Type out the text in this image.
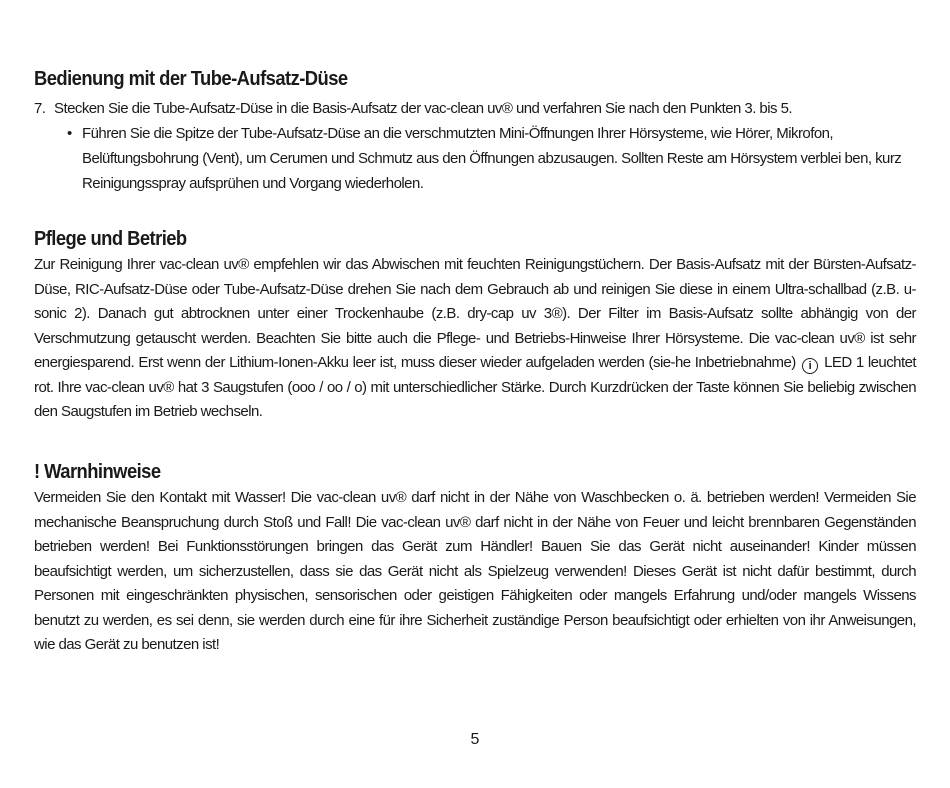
Bedienung mit der Tube-Aufsatz-Düse
7. Stecken Sie die Tube-Aufsatz-Düse in die Basis-Aufsatz der vac-clean uv® und verfahren Sie nach den Punkten 3. bis 5.
• Führen Sie die Spitze der Tube-Aufsatz-Düse an die verschmutzten Mini-Öffnungen Ihrer Hörsysteme, wie Hörer, Mikrofon, Belüftungsbohrung (Vent), um Cerumen und Schmutz aus den Öffnungen abzusaugen. Sollten Reste am Hörsystem verblei ben, kurz Reinigungsspray aufsprühen und Vorgang wiederholen.
Pflege und Betrieb
Zur Reinigung Ihrer vac-clean uv® empfehlen wir das Abwischen mit feuchten Reinigungstüchern. Der Basis-Aufsatz mit der Bürsten-Aufsatz-Düse, RIC-Aufsatz-Düse oder Tube-Aufsatz-Düse drehen Sie nach dem Gebrauch ab und reinigen Sie diese in einem Ultra-schallbad (z.B. u-sonic 2). Danach gut abtrocknen unter einer Trockenhaube (z.B. dry-cap uv 3®). Der Filter im Basis-Aufsatz sollte abhängig von der Verschmutzung getauscht werden. Beachten Sie bitte auch die Pflege- und Betriebs-Hinweise Ihrer Hörsysteme. Die vac-clean uv® ist sehr energiesparend. Erst wenn der Lithium-Ionen-Akku leer ist, muss dieser wieder aufgeladen werden (sie-he Inbetriebnahme) i LED 1 leuchtet rot. Ihre vac-clean uv® hat 3 Saugstufen (ooo / oo / o) mit unterschiedlicher Stärke. Durch Kurzdrücken der Taste können Sie beliebig zwischen den Saugstufen im Betrieb wechseln.
! Warnhinweise
Vermeiden Sie den Kontakt mit Wasser! Die vac-clean uv® darf nicht in der Nähe von Waschbecken o. ä. betrieben werden! Vermeiden Sie mechanische Beanspruchung durch Stoß und Fall! Die vac-clean uv® darf nicht in der Nähe von Feuer und leicht brennbaren Gegenständen betrieben werden! Bei Funktionsstörungen bringen das Gerät zum Händler! Bauen Sie das Gerät nicht auseinander! Kinder müssen beaufsichtigt werden, um sicherzustellen, dass sie das Gerät nicht als Spielzeug verwenden! Dieses Gerät ist nicht dafür bestimmt, durch Personen mit eingeschränkten physischen, sensorischen oder geistigen Fähigkeiten oder mangels Erfahrung und/oder mangels Wissens benutzt zu werden, es sei denn, sie werden durch eine für ihre Sicherheit zuständige Person beaufsichtigt oder erhielten von ihr Anweisungen, wie das Gerät zu benutzen ist!
5
